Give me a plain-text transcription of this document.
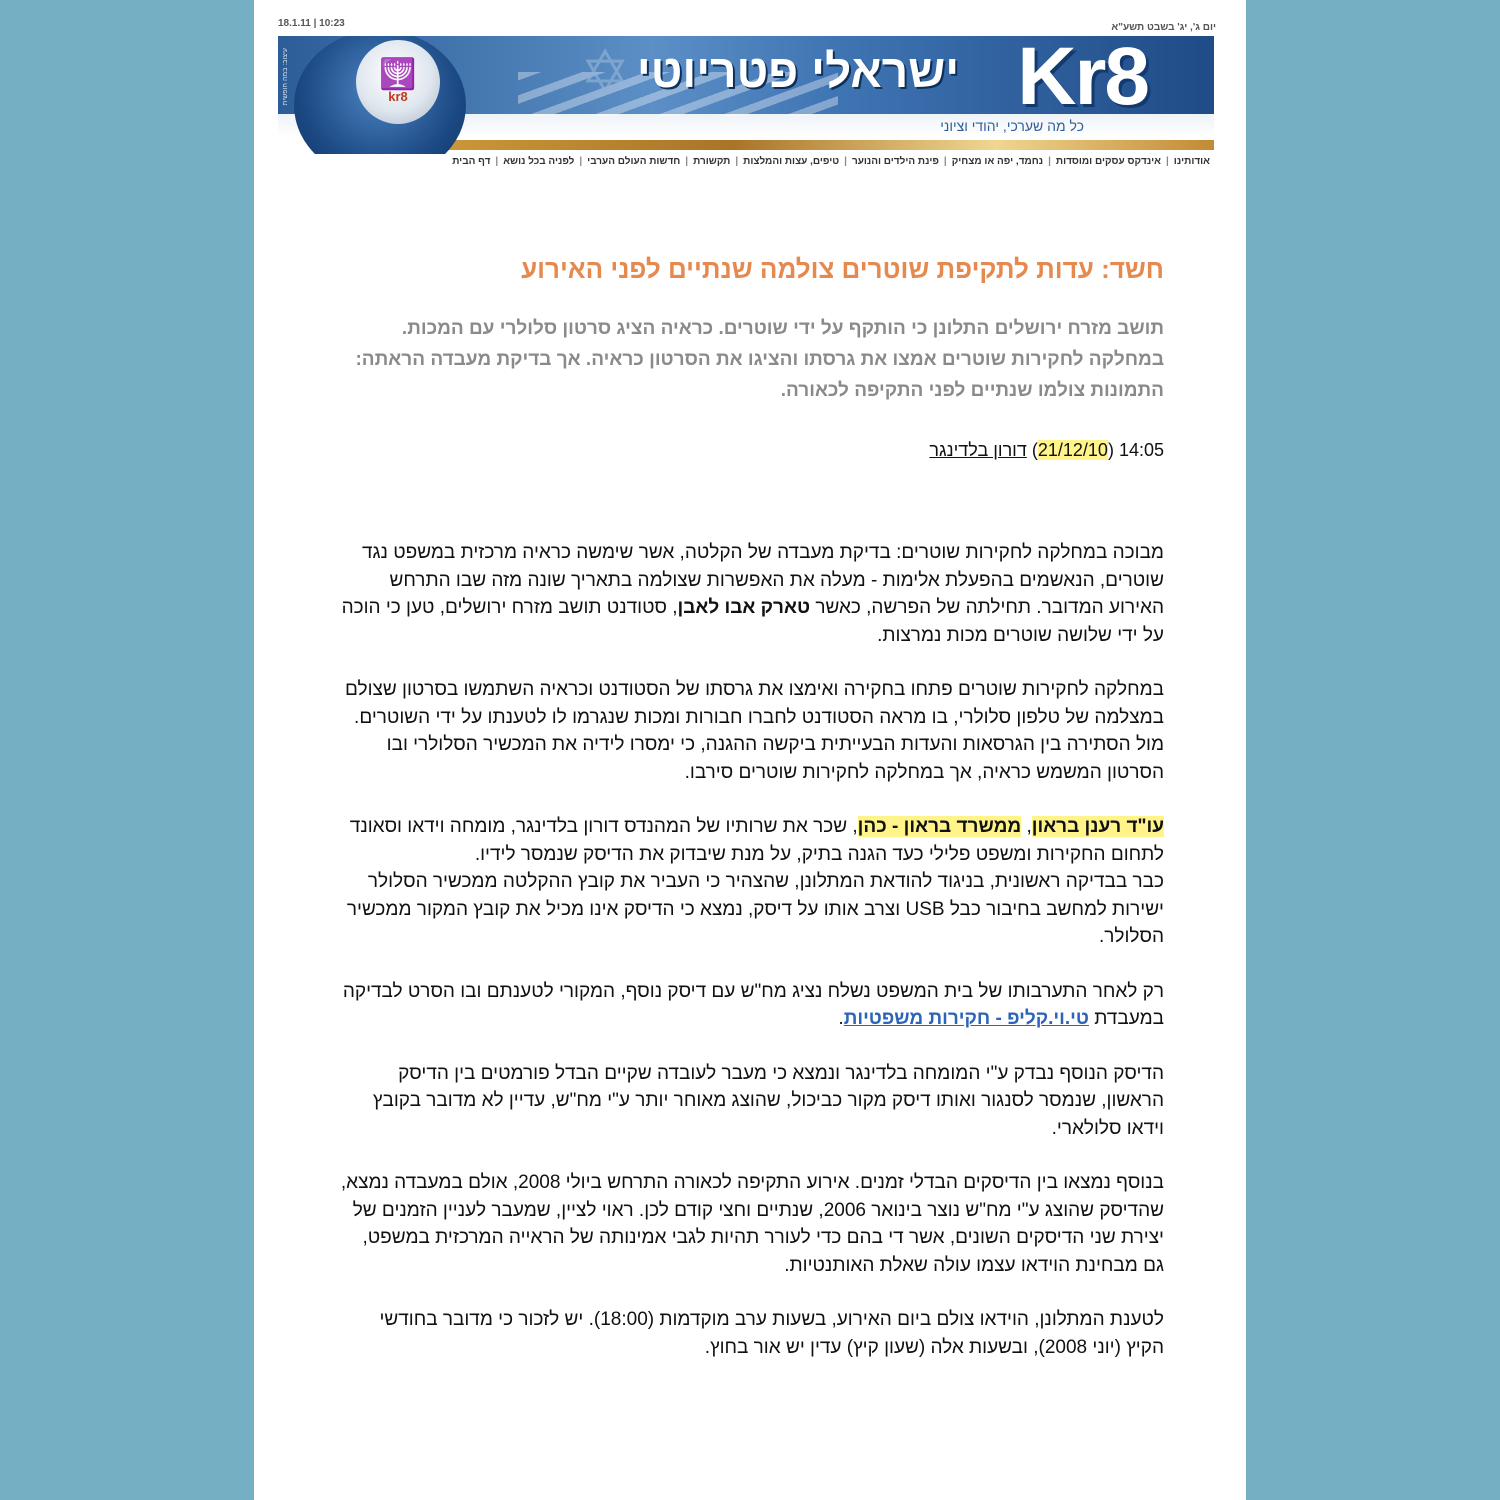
18.1.11 | 10:23	יום ג', יג' בשבט תשע"א
🕎
kr8
עיצוב: במה חופשית	✡ ישראלי פטריוטי Kr8
כל מה שערכי, יהודי וציוני
אודותינו|אינדקס עסקים ומוסדות|נחמד, יפה או מצחיק|פינת הילדים והנוער|טיפים, עצות והמלצות|תקשורת|חדשות העולם הערבי|לפניה בכל נושא|דף הבית
חשד: עדות לתקיפת שוטרים צולמה שנתיים לפני האירוע
תושב מזרח ירושלים התלונן כי הותקף על ידי שוטרים. כראיה הציג סרטון סלולרי עם המכות. במחלקה לחקירות שוטרים אמצו את גרסתו והציגו את הסרטון כראיה. אך בדיקת מעבדה הראתה: התמונות צולמו שנתיים לפני התקיפה לכאורה.
14:05 (21/12/10) דורון בלדינגר

מבוכה במחלקה לחקירות שוטרים: בדיקת מעבדה של הקלטה, אשר שימשה כראיה מרכזית במשפט נגד שוטרים, הנאשמים בהפעלת אלימות - מעלה את האפשרות שצולמה בתאריך שונה מזה שבו התרחש האירוע המדובר. תחילתה של הפרשה, כאשר טארק אבו לאבן, סטודנט תושב מזרח ירושלים, טען כי הוכה על ידי שלושה שוטרים מכות נמרצות.

במחלקה לחקירות שוטרים פתחו בחקירה ואימצו את גרסתו של הסטודנט וכראיה השתמשו בסרטון שצולם במצלמה של טלפון סלולרי, בו מראה הסטודנט לחברו חבורות ומכות שנגרמו לו לטענתו על ידי השוטרים. מול הסתירה בין הגרסאות והעדות הבעייתית ביקשה ההגנה, כי ימסרו לידיה את המכשיר הסלולרי ובו הסרטון המשמש כראיה, אך במחלקה לחקירות שוטרים סירבו.

עו"ד רענן בראון, ממשרד בראון - כהן, שכר את שרותיו של המהנדס דורון בלדינגר, מומחה וידאו וסאונד לתחום החקירות ומשפט פלילי כעד הגנה בתיק, על מנת שיבדוק את הדיסק שנמסר לידיו.

כבר בבדיקה ראשונית, בניגוד להודאת המתלונן, שהצהיר כי העביר את קובץ ההקלטה ממכשיר הסלולר ישירות למחשב בחיבור כבל USB וצרב אותו על דיסק, נמצא כי הדיסק אינו מכיל את קובץ המקור ממכשיר הסלולר.

רק לאחר התערבותו של בית המשפט נשלח נציג מח"ש עם דיסק נוסף, המקורי לטענתם ובו הסרט לבדיקה במעבדת טי.וי.קליפ - חקירות משפטיות.

הדיסק הנוסף נבדק ע"י המומחה בלדינגר ונמצא כי מעבר לעובדה שקיים הבדל פורמטים בין הדיסק הראשון, שנמסר לסנגור ואותו דיסק מקור כביכול, שהוצג מאוחר יותר ע"י מח"ש, עדיין לא מדובר בקובץ וידאו סלולארי.

בנוסף נמצאו בין הדיסקים הבדלי זמנים. אירוע התקיפה לכאורה התרחש ביולי 2008, אולם במעבדה נמצא, שהדיסק שהוצג ע"י מח"ש נוצר בינואר 2006, שנתיים וחצי קודם לכן. ראוי לציין, שמעבר לעניין הזמנים של יצירת שני הדיסקים השונים, אשר די בהם כדי לעורר תהיות לגבי אמינותה של הראייה המרכזית במשפט, גם מבחינת הוידאו עצמו עולה שאלת האותנטיות.

לטענת המתלונן, הוידאו צולם ביום האירוע, בשעות ערב מוקדמות (18:00). יש לזכור כי מדובר בחודשי הקיץ (יוני 2008), ובשעות אלה (שעון קיץ) עדין יש אור בחוץ.
